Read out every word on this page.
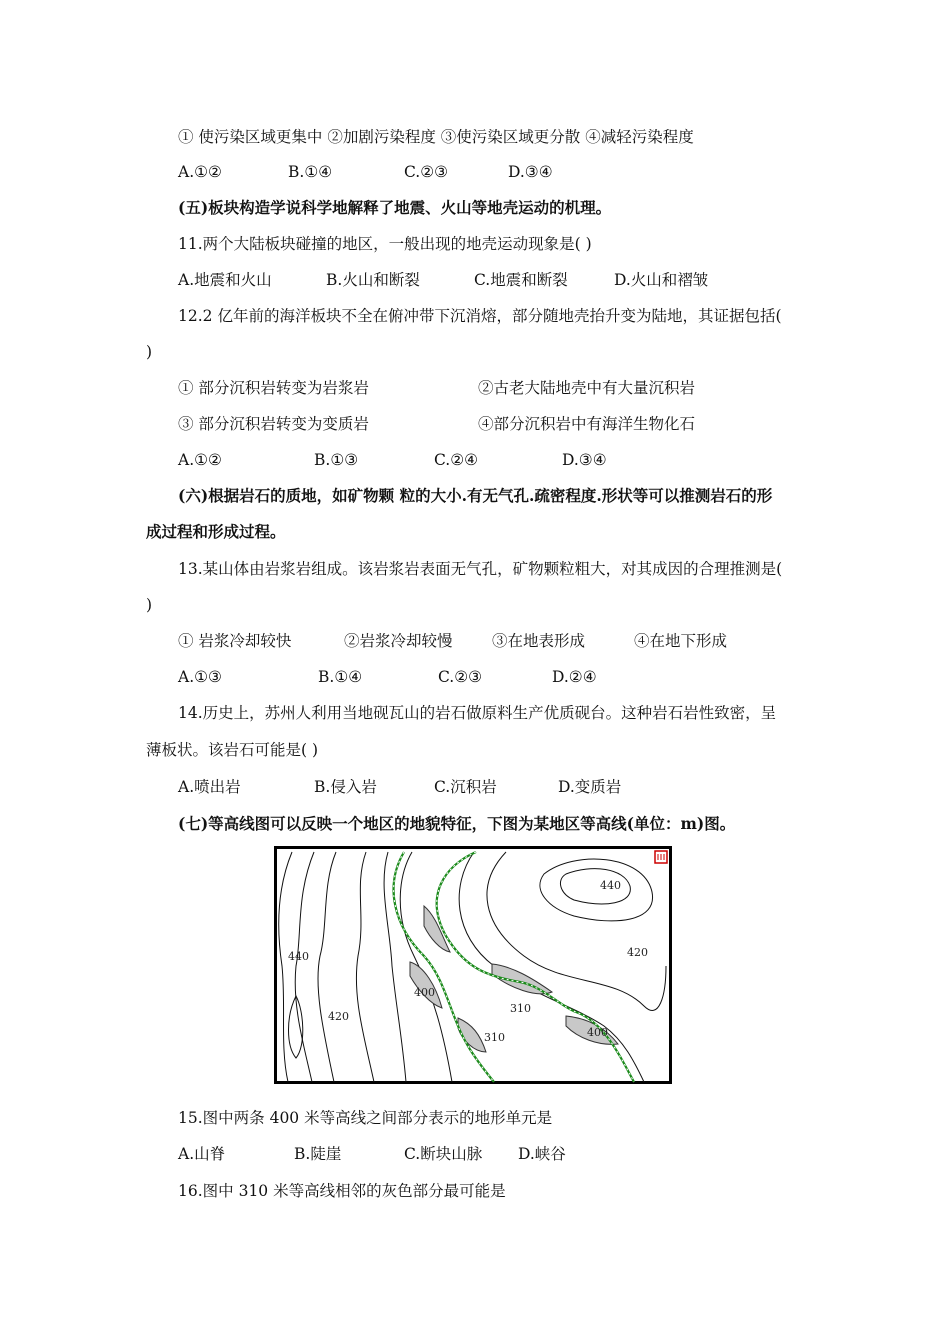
① 使污染区域更集中 ②加剧污染程度 ③使污染区域更分散 ④减轻污染程度
A.①②	B.①④	C.②③	D.③④
(五)板块构造学说科学地解释了地震、火山等地壳运动的机理。
11.两个大陆板块碰撞的地区，一般出现的地壳运动现象是( )
A.地震和火山	B.火山和断裂	C.地震和断裂	D.火山和褶皱
12.2 亿年前的海洋板块不全在俯冲带下沉消熔，部分随地壳抬升变为陆地，其证据包括(
)
① 部分沉积岩转变为岩浆岩	②古老大陆地壳中有大量沉积岩
③ 部分沉积岩转变为变质岩	④部分沉积岩中有海洋生物化石
A.①②	B.①③	C.②④	D.③④
(六)根据岩石的质地，如矿物颗 粒的大小.有无气孔.疏密程度.形状等可以推测岩石的形
成过程和形成过程。
13.某山体由岩浆岩组成。该岩浆岩表面无气孔，矿物颗粒粗大，对其成因的合理推测是(
)
① 岩浆冷却较快	②岩浆冷却较慢	③在地表形成	④在地下形成
A.①③	B.①④	C.②③	D.②④
14.历史上，苏州人利用当地砚瓦山的岩石做原料生产优质砚台。这种岩石岩性致密，呈
薄板状。该岩石可能是( )
A.喷出岩	B.侵入岩	C.沉积岩	D.变质岩
(七)等高线图可以反映一个地区的地貌特征，下图为某地区等高线(单位：m)图。
440
420
440
420
400
310
310	400
15.图中两条 400 米等高线之间部分表示的地形单元是
A.山脊	B.陡崖	C.断块山脉 D.峡谷
16.图中 310 米等高线相邻的灰色部分最可能是
